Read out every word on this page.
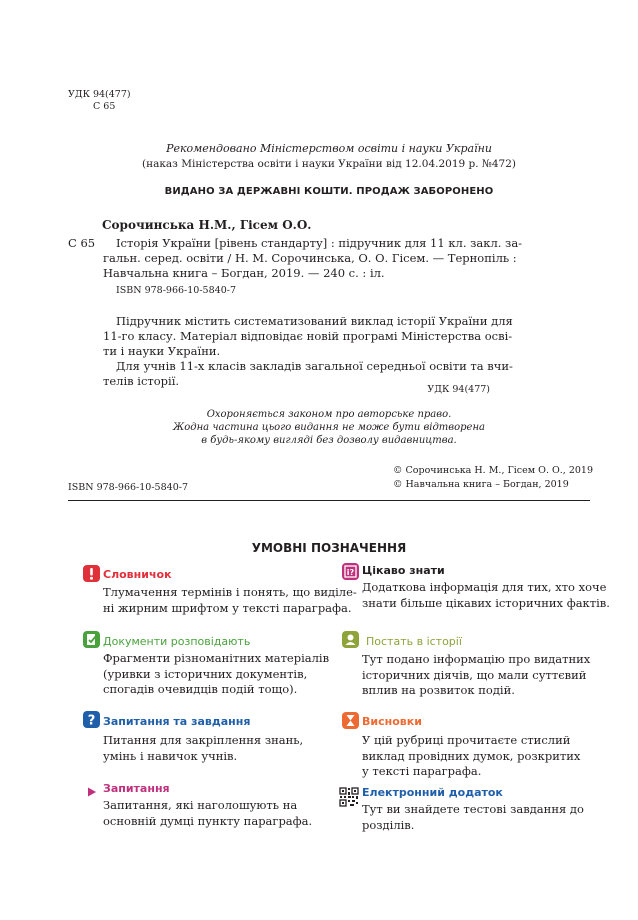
УДК 94(477)
С 65
Рекомендовано Міністерством освіти і науки України
(наказ Міністерства освіти і науки України від 12.04.2019 р. №472)
ВИДАНО ЗА ДЕРЖАВНІ КОШТИ. ПРОДАЖ ЗАБОРОНЕНО
Сорочинська Н.М., Гісем О.О.
С 65	Історія України [рівень стандарту] : підручник для 11 кл. закл. за-
гальн. серед. освіти / Н. М. Сорочинська, О. О. Гісем. — Тернопіль :
Навчальна книга – Богдан, 2019. — 240 с. : іл.
ISBN 978-966-10-5840-7
Підручник містить систематизований виклад історії України для
11-го класу. Матеріал відповідає новій програмі Міністерства осві-
ти і науки України.
Для учнів 11-х класів закладів загальної середньої освіти та вчи-
телів історії.
УДК 94(477)
Охороняється законом про авторське право.
Жодна частина цього видання не може бути відтворена
в будь-якому вигляді без дозволу видавництва.
© Сорочинська Н. М., Гісем О. О., 2019
© Навчальна книга – Богдан, 2019
ISBN 978-966-10-5840-7
УМОВНІ ПОЗНАЧЕННЯ
Словничок
Тлумачення термінів і понять, що виділе-
ні жирним шрифтом у тексті параграфа.
Документи розповідають
Фрагменти різноманітних матеріалів
(уривки з історичних документів,
спогадів очевидців подій тощо).
? Запитання та завдання
Питання для закріплення знань,
умінь і навичок учнів.
Запитання
Запитання, які наголошують на
основній думці пункту параграфа.
i? Цікаво знати
Додаткова інформація для тих, хто хоче
знати більше цікавих історичних фактів.
Постать в історії
Тут подано інформацію про видатних
історичних діячів, що мали суттєвий
вплив на розвиток подій.
Висновки
У цій рубриці прочитаєте стислий
виклад провідних думок, розкритих
у тексті параграфа.
Електронний додаток
Тут ви знайдете тестові завдання до
розділів.
